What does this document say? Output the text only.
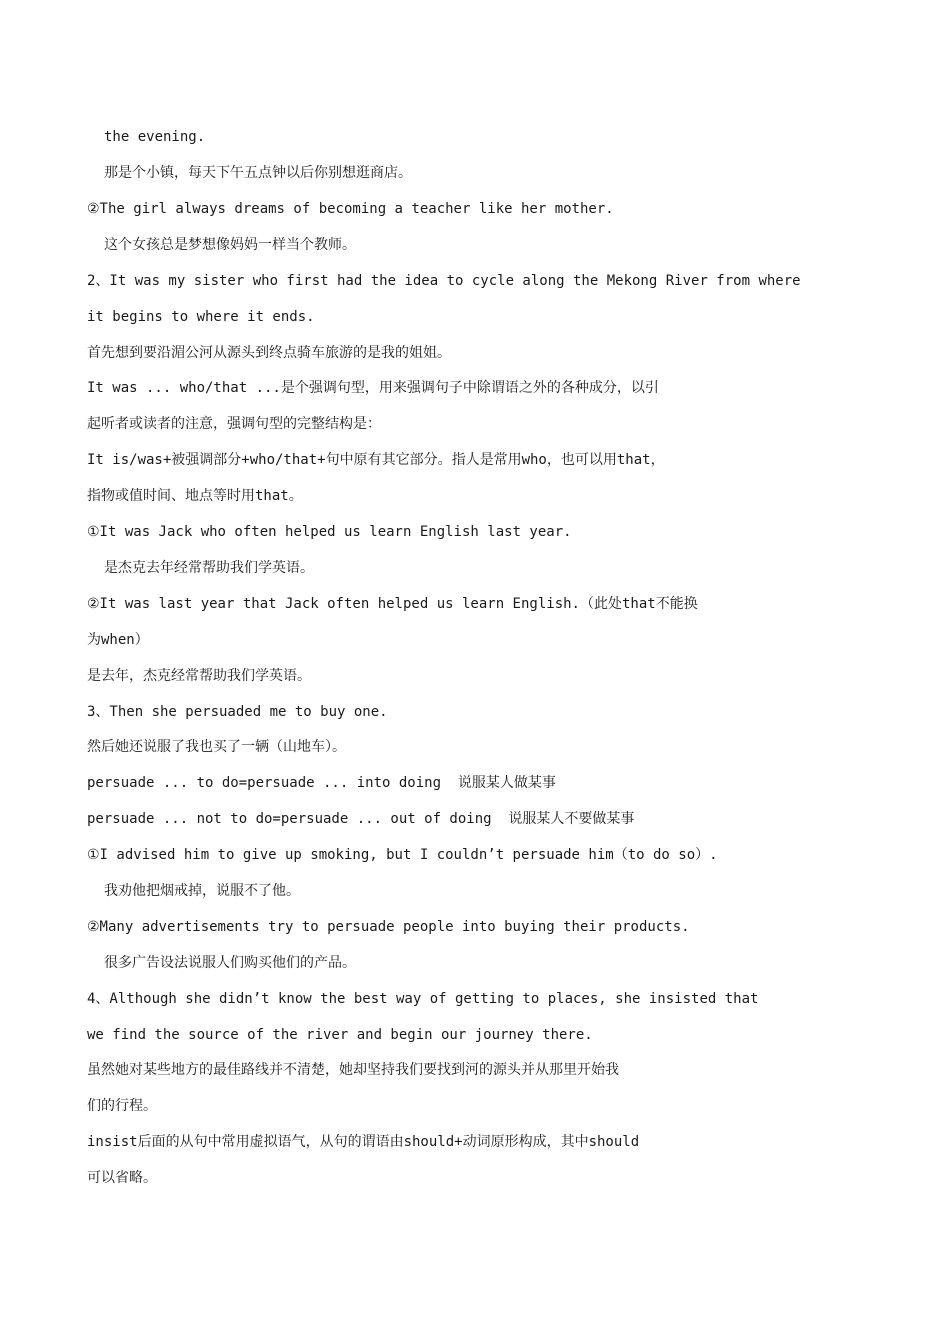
the evening.
那是个小镇，每天下午五点钟以后你别想逛商店。
②The girl always dreams of becoming a teacher like her mother.
这个女孩总是梦想像妈妈一样当个教师。
2、It was my sister who first had the idea to cycle along the Mekong River from where
it begins to where it ends.
首先想到要沿湄公河从源头到终点骑车旅游的是我的姐姐。
It was ... who/that ...是个强调句型，用来强调句子中除谓语之外的各种成分，以引
起听者或读者的注意，强调句型的完整结构是：
It is/was+被强调部分+who/that+句中原有其它部分。指人是常用who，也可以用that，
指物或值时间、地点等时用that。
①It was Jack who often helped us learn English last year.
是杰克去年经常帮助我们学英语。
②It was last year that Jack often helped us learn English.（此处that不能换
为when）
是去年，杰克经常帮助我们学英语。
3、Then she persuaded me to buy one.
然后她还说服了我也买了一辆（山地车）。
persuade ... to do=persuade ... into doing  说服某人做某事
persuade ... not to do=persuade ... out of doing  说服某人不要做某事
①I advised him to give up smoking, but I couldn’t persuade him（to do so）.
我劝他把烟戒掉，说服不了他。
②Many advertisements try to persuade people into buying their products.
很多广告设法说服人们购买他们的产品。
4、Although she didn’t know the best way of getting to places, she insisted that
we find the source of the river and begin our journey there.
虽然她对某些地方的最佳路线并不清楚，她却坚持我们要找到河的源头并从那里开始我
们的行程。
insist后面的从句中常用虚拟语气，从句的谓语由should+动词原形构成，其中should
可以省略。
